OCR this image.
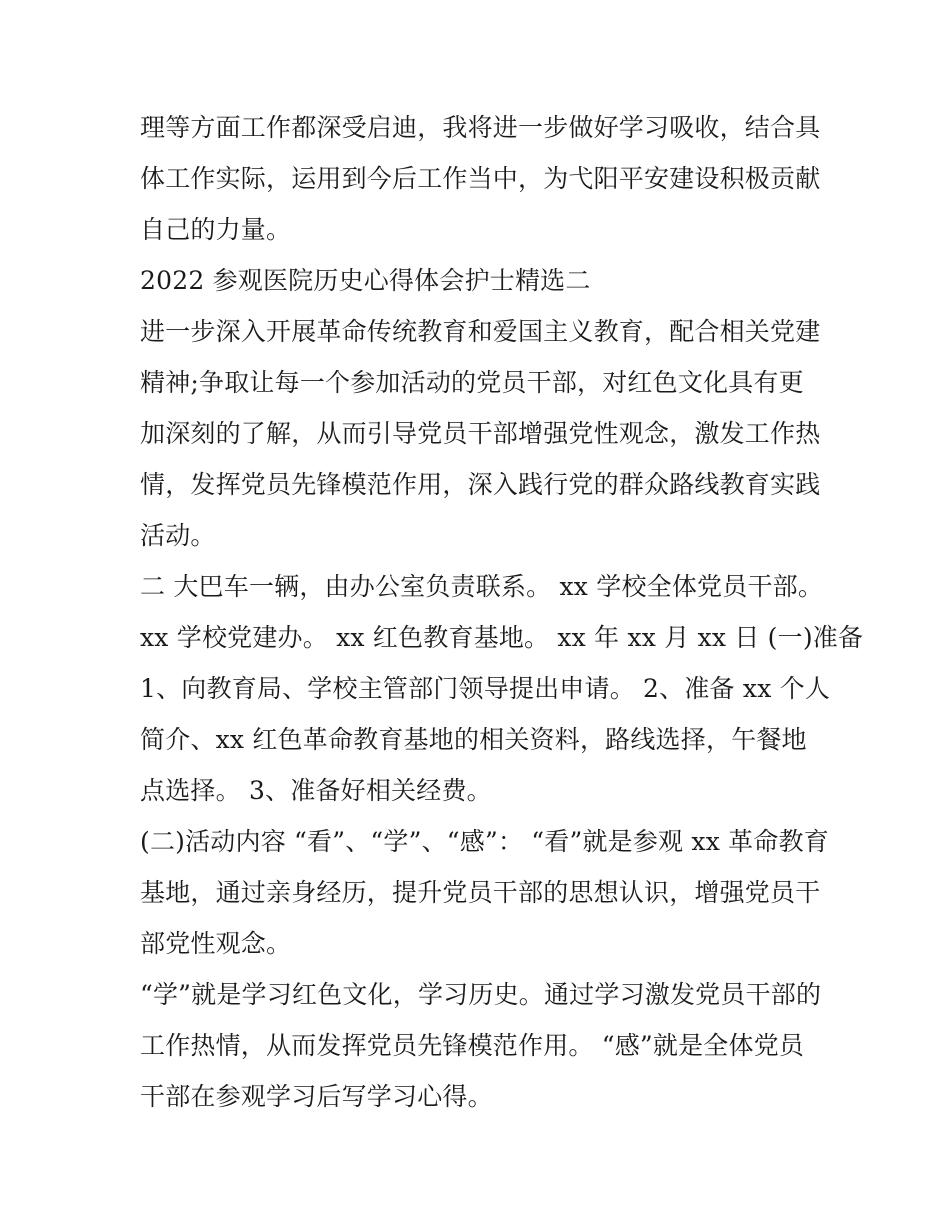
理等方面工作都深受启迪，我将进一步做好学习吸收，结合具

体工作实际，运用到今后工作当中，为弋阳平安建设积极贡献

自己的力量。

2022 参观医院历史心得体会护士精选二

进一步深入开展革命传统教育和爱国主义教育，配合相关党建

精神;争取让每一个参加活动的党员干部，对红色文化具有更

加深刻的了解，从而引导党员干部增强党性观念，激发工作热

情，发挥党员先锋模范作用，深入践行党的群众路线教育实践

活动。

二 大巴车一辆，由办公室负责联系。 xx 学校全体党员干部。

xx 学校党建办。 xx 红色教育基地。 xx 年 xx 月 xx 日 (一)准备

1、向教育局、学校主管部门领导提出申请。 2、准备 xx 个人

简介、xx 红色革命教育基地的相关资料，路线选择，午餐地

点选择。 3、准备好相关经费。

(二)活动内容 “看”、“学”、“感”： “看”就是参观 xx 革命教育

基地，通过亲身经历，提升党员干部的思想认识，增强党员干

部党性观念。

“学”就是学习红色文化，学习历史。通过学习激发党员干部的

工作热情，从而发挥党员先锋模范作用。 “感”就是全体党员

干部在参观学习后写学习心得。
